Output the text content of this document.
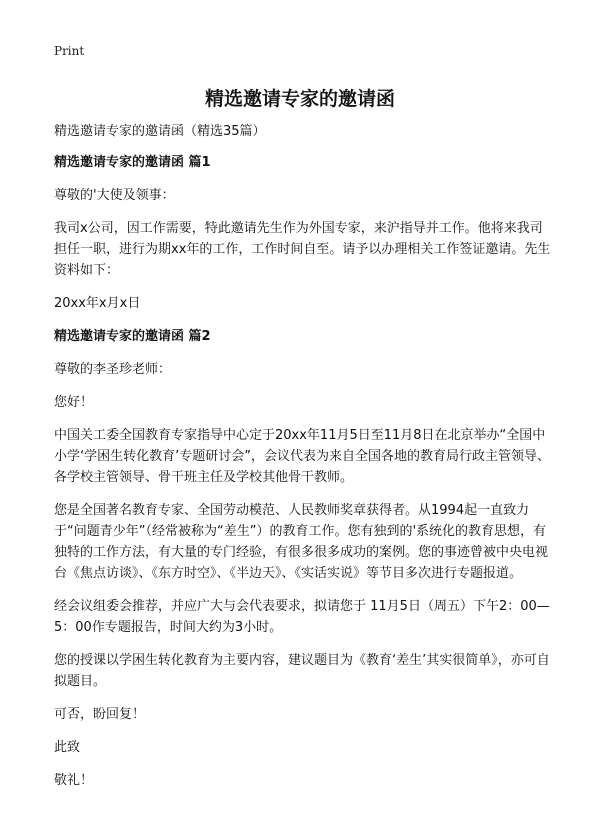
Print
精选邀请专家的邀请函

精选邀请专家的邀请函（精选35篇）

精选邀请专家的邀请函 篇1

尊敬的'大使及领事：

我司x公司，因工作需要，特此邀请先生作为外国专家，来沪指导并工作。他将来我司担任一职，进行为期xx年的工作，工作时间自至。请予以办理相关工作签证邀请。先生资料如下：

20xx年x月x日

精选邀请专家的邀请函 篇2

尊敬的李圣珍老师：

您好！

中国关工委全国教育专家指导中心定于20xx年11月5日至11月8日在北京举办“全国中小学‘学困生转化教育’专题研讨会”，会议代表为来自全国各地的教育局行政主管领导、各学校主管领导、骨干班主任及学校其他骨干教师。

您是全国著名教育专家、全国劳动模范、人民教师奖章获得者。从1994起一直致力于“问题青少年”（经常被称为“差生”）的教育工作。您有独到的'系统化的教育思想，有独特的工作方法，有大量的专门经验，有很多很多成功的案例。您的事迹曾被中央电视台《焦点访谈》、《东方时空》、《半边天》、《实话实说》等节目多次进行专题报道。

经会议组委会推荐，并应广大与会代表要求，拟请您于 11月5日（周五）下午2：00—5：00作专题报告，时间大约为3小时。

您的授课以学困生转化教育为主要内容，建议题目为《教育‘差生’其实很简单》，亦可自拟题目。

可否，盼回复！

此致

敬礼！
